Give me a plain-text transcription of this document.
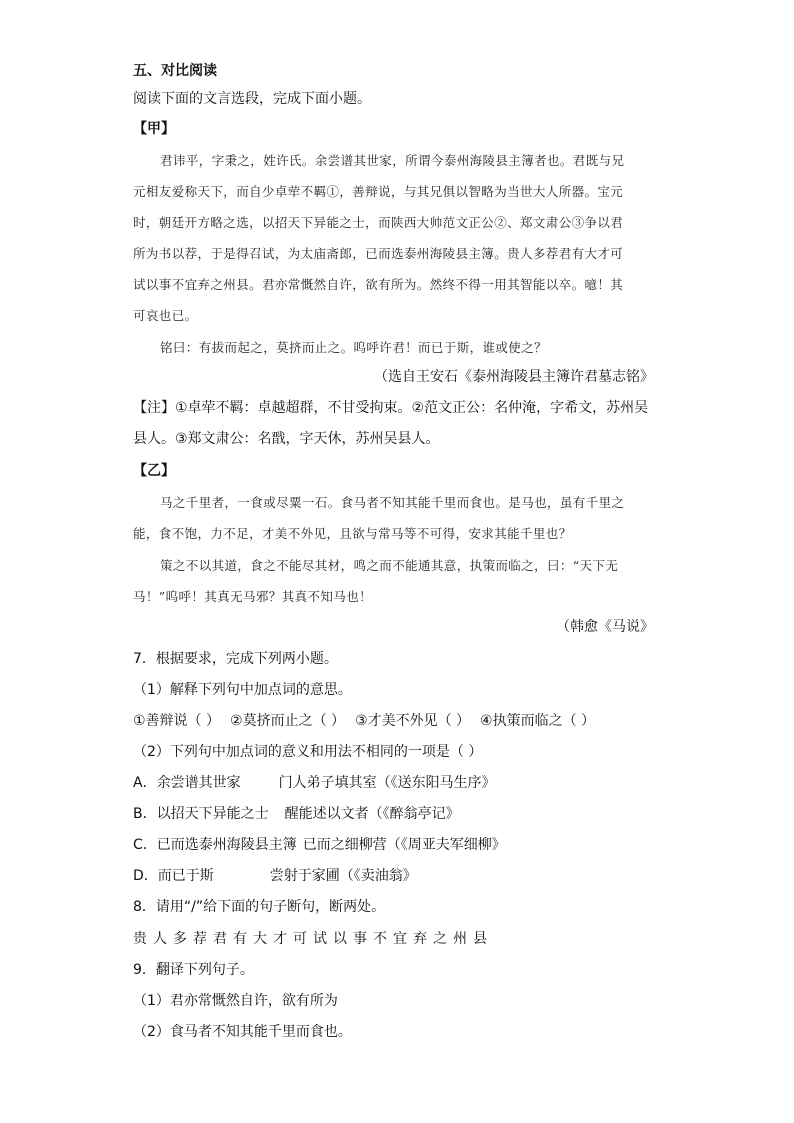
五、对比阅读
阅读下面的文言选段，完成下面小题。
【甲】
君讳平，字秉之，姓许氏。余尝谱其世家，所谓今泰州海陵县主簿者也。君既与兄
元相友爱称天下，而自少卓荦不羁①，善辩说，与其兄俱以智略为当世大人所器。宝元
时，朝廷开方略之选，以招天下异能之士，而陕西大帅范文正公②、郑文肃公③争以君
所为书以荐，于是得召试，为太庙斋郎，已而选泰州海陵县主簿。贵人多荐君有大才可
试以事不宜弃之州县。君亦常慨然自许，欲有所为。然终不得一用其智能以卒。噫！其
可哀也已。
铭曰：有拔而起之，莫挤而止之。呜呼许君！而已于斯，谁或使之？
（选自王安石《泰州海陵县主簿许君墓志铭》
【注】①卓荦不羁：卓越超群，不甘受拘束。②范文正公：名仲淹，字希文，苏州吴
县人。③郑文肃公：名戬，字天休，苏州吴县人。
【乙】
马之千里者，一食或尽粟一石。食马者不知其能千里而食也。是马也，虽有千里之
能，食不饱，力不足，才美不外见，且欲与常马等不可得，安求其能千里也？
策之不以其道，食之不能尽其材，鸣之而不能通其意，执策而临之，曰：“天下无
马！”呜呼！其真无马邪？其真不知马也！
（韩愈《马说》
7．根据要求，完成下列两小题。
（1）解释下列句中加点词的意思。
①善辩说（ ） ②莫挤而止之（ ） ③才美不外见（ ） ④执策而临之（ ）
（2）下列句中加点词的意义和用法不相同的一项是（ ）
A．余尝谱其世家	门人弟子填其室（《送东阳马生序》
B．以招天下异能之士 醒能述以文者（《醉翁亭记》
C．已而选泰州海陵县主簿 已而之细柳营（《周亚夫军细柳》
D．而已于斯	尝射于家圃（《卖油翁》
8．请用“/”给下面的句子断句，断两处。
贵人多荐君有大才可试以事不宜弃之州县
9．翻译下列句子。
（1）君亦常慨然自许，欲有所为
（2）食马者不知其能千里而食也。
